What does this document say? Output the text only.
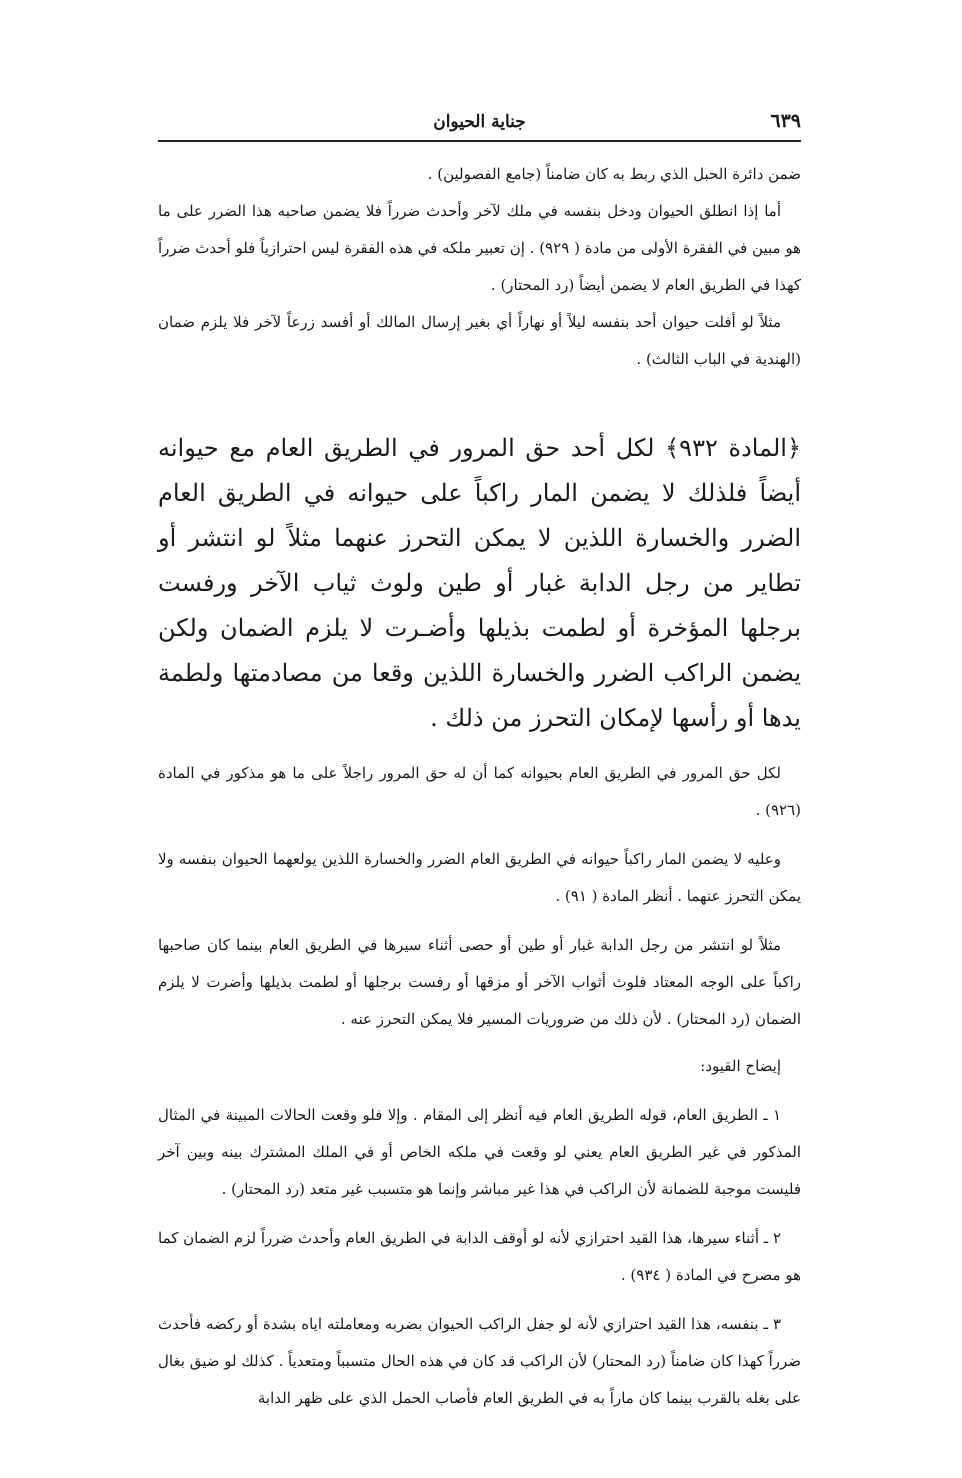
جناية الحيوان	٦٣٩

ضمن دائرة الحبل الذي ربط به كان ضامناً (جامع الفصولين) .

أما إذا انطلق الحيوان ودخل بنفسه في ملك لآخر وأحدث ضرراً فلا يضمن صاحبه هذا الضرر على ما هو مبين في الفقرة الأولى من مادة ( ٩٢٩) . إن تعبير ملكه في هذه الفقرة ليس احترازياً فلو أحدث ضرراً كهذا في الطريق العام لا يضمن أيضاً (رد المحتار) .

مثلاً لو أفلت حيوان أحد بنفسه ليلاً أو نهاراً أي بغير إرسال المالك أو أفسد زرعاً لآخر فلا يلزم ضمان (الهندية في الباب الثالث) .

﴿المادة ٩٣٢﴾ لكل أحد حق المرور في الطريق العام مع حيوانه أيضاً فلذلك لا يضمن المار راكباً على حيوانه في الطريق العام الضرر والخسارة اللذين لا يمكن التحرز عنهما مثلاً لو انتشر أو تطاير من رجل الدابة غبار أو طين ولوث ثياب الآخر ورفست برجلها المؤخرة أو لطمت بذيلها وأضـرت لا يلزم الضمان ولكن يضمن الراكب الضرر والخسارة اللذين وقعا من مصادمتها ولطمة يدها أو رأسها لإمكان التحرز من ذلك .

لكل حق المرور في الطريق العام بحيوانه كما أن له حق المرور راجلاً على ما هو مذكور في المادة (٩٢٦) .

وعليه لا يضمن المار راكباً حيوانه في الطريق العام الضرر والخسارة اللذين يولعهما الحيوان بنفسه ولا يمكن التحرز عنهما . أنظر المادة ( ٩١) .

مثلاً لو انتشر من رجل الدابة غبار أو طين أو حصى أثناء سيرها في الطريق العام بينما كان صاحبها راكباً على الوجه المعتاد فلوث أثواب الآخر أو مزقها أو رفست برجلها أو لطمت بذيلها وأضرت لا يلزم الضمان (رد المحتار) . لأن ذلك من ضروريات المسير فلا يمكن التحرز عنه .

إيضاح القيود:

١ ـ الطريق العام، قوله الطريق العام فيه أنظر إلى المقام . وإلا فلو وقعت الحالات المبينة في المثال المذكور في غير الطريق العام يعني لو وقعت في ملكه الخاص أو في الملك المشترك بينه وبين آخر فليست موجبة للضمانة لأن الراكب في هذا غير مباشر وإنما هو متسبب غير متعد (رد المحتار) .

٢ ـ أثناء سيرها، هذا القيد احترازي لأنه لو أوقف الدابة في الطريق العام وأحدث ضرراً لزم الضمان كما هو مصرح في المادة ( ٩٣٤) .

٣ ـ بنفسه، هذا القيد احترازي لأنه لو جفل الراكب الحيوان بضربه ومعاملته اياه بشدة أو ركضه فأحدث ضرراً كهذا كان ضامناً (رد المحتار) لأن الراكب قد كان في هذه الحال متسبباً ومتعدياً . كذلك لو ضيق بغال على بغله بالقرب بينما كان ماراً به في الطريق العام فأصاب الحمل الذي على ظهر الدابة
